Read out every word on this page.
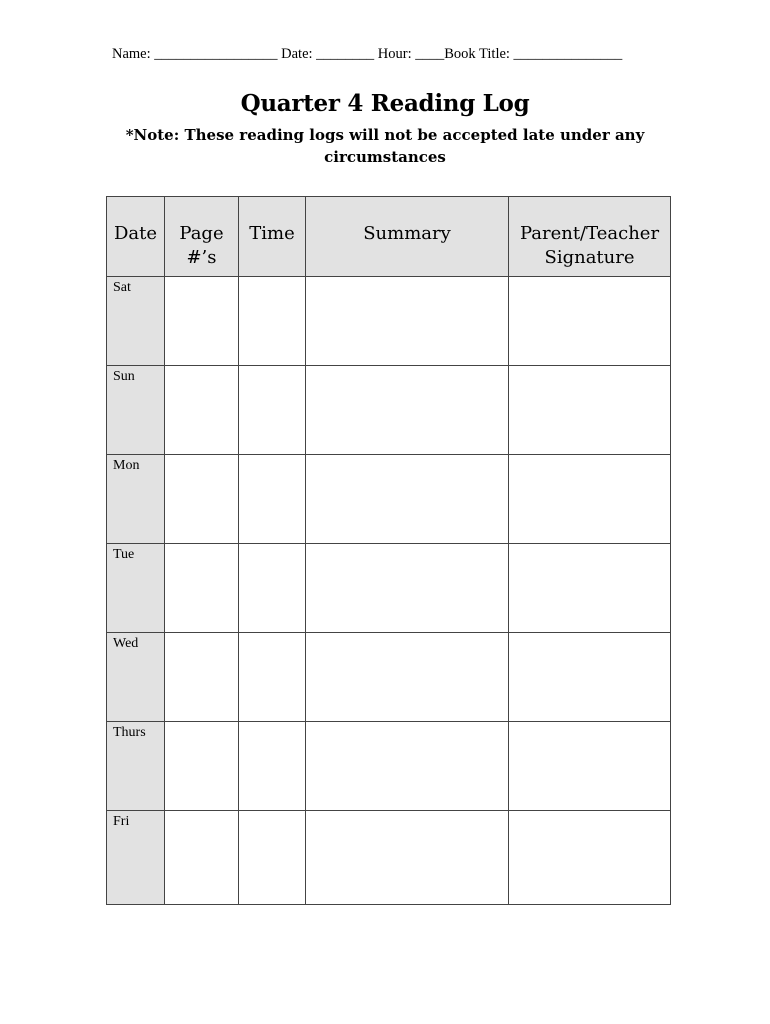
Name: _________________ Date: ________ Hour: ____Book Title: _______________
Quarter 4 Reading Log
*Note: These reading logs will not be accepted late under any circumstances
Date	Page #’s	Time	Summary	Parent/Teacher Signature
Sat				
Sun				
Mon				
Tue				
Wed				
Thurs				
Fri				
